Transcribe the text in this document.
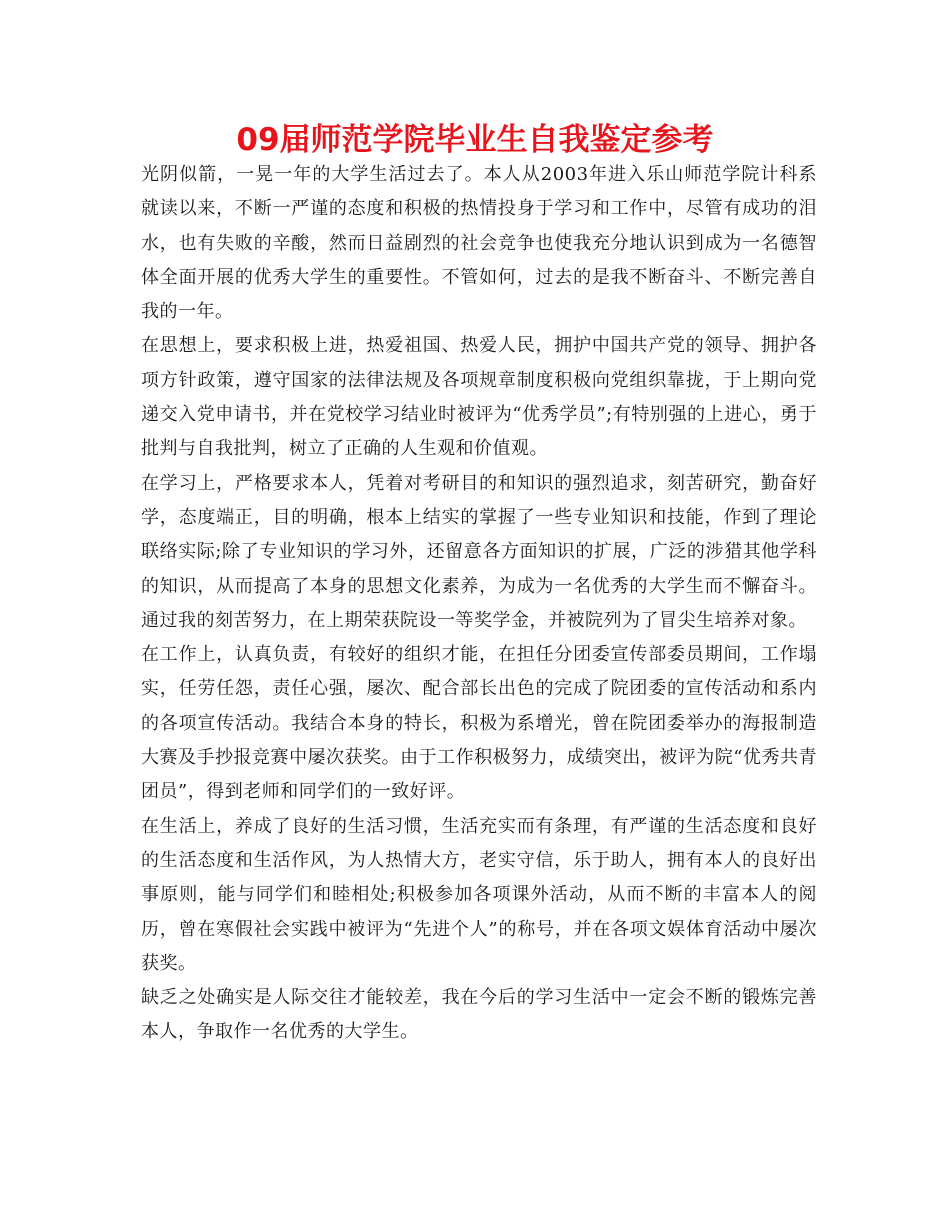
09届师范学院毕业生自我鉴定参考

光阴似箭，一晃一年的大学生活过去了。本人从2003年进入乐山师范学院计科系就读以来，不断一严谨的态度和积极的热情投身于学习和工作中，尽管有成功的泪水，也有失败的辛酸，然而日益剧烈的社会竞争也使我充分地认识到成为一名德智体全面开展的优秀大学生的重要性。不管如何，过去的是我不断奋斗、不断完善自我的一年。

在思想上，要求积极上进，热爱祖国、热爱人民，拥护中国共产党的领导、拥护各项方针政策，遵守国家的法律法规及各项规章制度积极向党组织靠拢，于上期向党递交入党申请书，并在党校学习结业时被评为“优秀学员”;有特别强的上进心，勇于批判与自我批判，树立了正确的人生观和价值观。

在学习上，严格要求本人，凭着对考研目的和知识的强烈追求，刻苦研究，勤奋好学，态度端正，目的明确，根本上结实的掌握了一些专业知识和技能，作到了理论联络实际;除了专业知识的学习外，还留意各方面知识的扩展，广泛的涉猎其他学科的知识，从而提高了本身的思想文化素养，为成为一名优秀的大学生而不懈奋斗。通过我的刻苦努力，在上期荣获院设一等奖学金，并被院列为了冒尖生培养对象。

在工作上，认真负责，有较好的组织才能，在担任分团委宣传部委员期间，工作塌实，任劳任怨，责任心强，屡次、配合部长出色的完成了院团委的宣传活动和系内的各项宣传活动。我结合本身的特长，积极为系增光，曾在院团委举办的海报制造大赛及手抄报竞赛中屡次获奖。由于工作积极努力，成绩突出，被评为院“优秀共青团员”，得到老师和同学们的一致好评。

在生活上，养成了良好的生活习惯，生活充实而有条理，有严谨的生活态度和良好的生活态度和生活作风，为人热情大方，老实守信，乐于助人，拥有本人的良好出事原则，能与同学们和睦相处;积极参加各项课外活动，从而不断的丰富本人的阅历，曾在寒假社会实践中被评为“先进个人”的称号，并在各项文娱体育活动中屡次获奖。

缺乏之处确实是人际交往才能较差，我在今后的学习生活中一定会不断的锻炼完善本人，争取作一名优秀的大学生。
